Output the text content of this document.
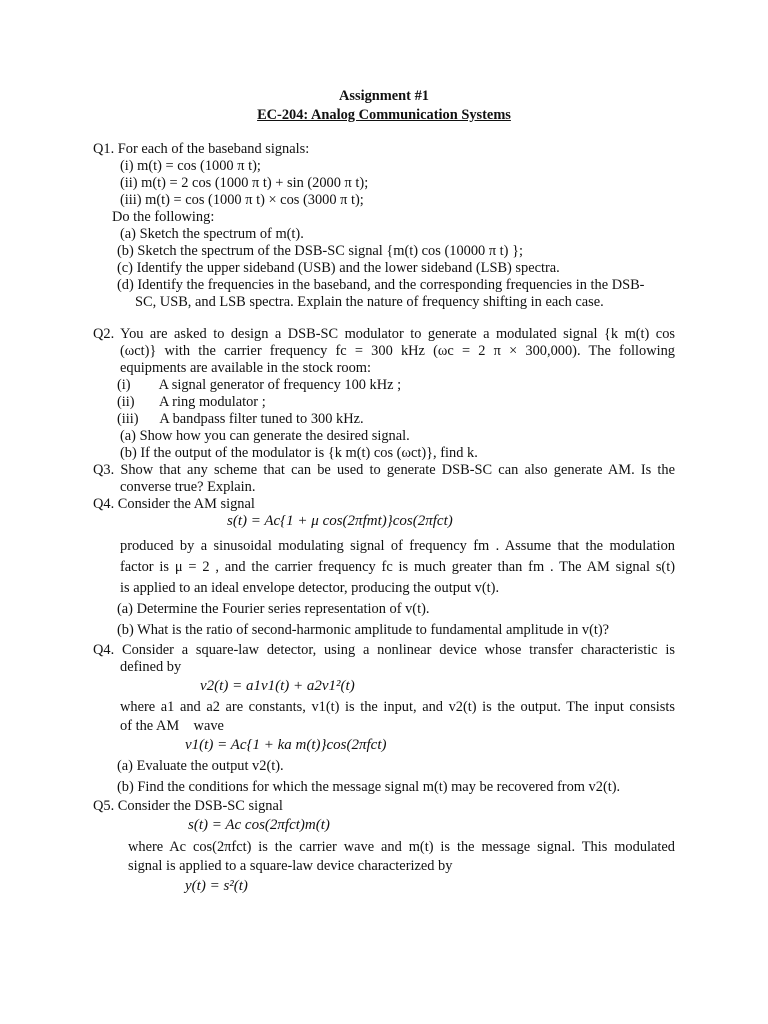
Assignment #1
EC-204: Analog Communication Systems
Q1. For each of the baseband signals:
(i) m(t) = cos (1000 π t);
(ii) m(t) = 2 cos (1000 π t) + sin (2000 π t);
(iii) m(t) = cos (1000 π t) × cos (3000 π t);
Do the following:
(a) Sketch the spectrum of m(t).
(b) Sketch the spectrum of the DSB-SC signal {m(t) cos (10000 π t) };
(c) Identify the upper sideband (USB) and the lower sideband (LSB) spectra.
(d) Identify the frequencies in the baseband, and the corresponding frequencies in the DSB-
SC, USB, and LSB spectra. Explain the nature of frequency shifting in each case.
Q2. You are asked to design a DSB-SC modulator to generate a modulated signal {k m(t) cos
(ωct)} with the carrier frequency fc = 300 kHz (ωc = 2 π × 300,000). The following
equipments are available in the stock room:
(i)        A signal generator of frequency 100 kHz ;
(ii)       A ring modulator ;
(iii)      A bandpass filter tuned to 300 kHz.
(a) Show how you can generate the desired signal.
(b) If the output of the modulator is {k m(t) cos (ωct)}, find k.
Q3. Show that any scheme that can be used to generate DSB-SC can also generate AM. Is the
converse true? Explain.
Q4. Consider the AM signal
s(t) = Ac{1 + μ cos(2πfmt)}cos(2πfct)
produced by a sinusoidal modulating signal of frequency fm . Assume that the modulation
factor is μ = 2 , and the carrier frequency fc is much greater than fm . The AM signal s(t)
is applied to an ideal envelope detector, producing the output v(t).
(a) Determine the Fourier series representation of v(t).
(b) What is the ratio of second-harmonic amplitude to fundamental amplitude in v(t)?
Q4. Consider a square-law detector, using a nonlinear device whose transfer characteristic is
defined by
v2(t) = a1v1(t) + a2v1²(t)
where a1 and a2 are constants, v1(t) is the input, and v2(t) is the output. The input consists
of the AM    wave
v1(t) = Ac{1 + ka m(t)}cos(2πfct)
(a) Evaluate the output v2(t).
(b) Find the conditions for which the message signal m(t) may be recovered from v2(t).
Q5. Consider the DSB-SC signal
s(t) = Ac cos(2πfct)m(t)
where Ac cos(2πfct) is the carrier wave and m(t) is the message signal. This modulated
signal is applied to a square-law device characterized by
y(t) = s²(t)
